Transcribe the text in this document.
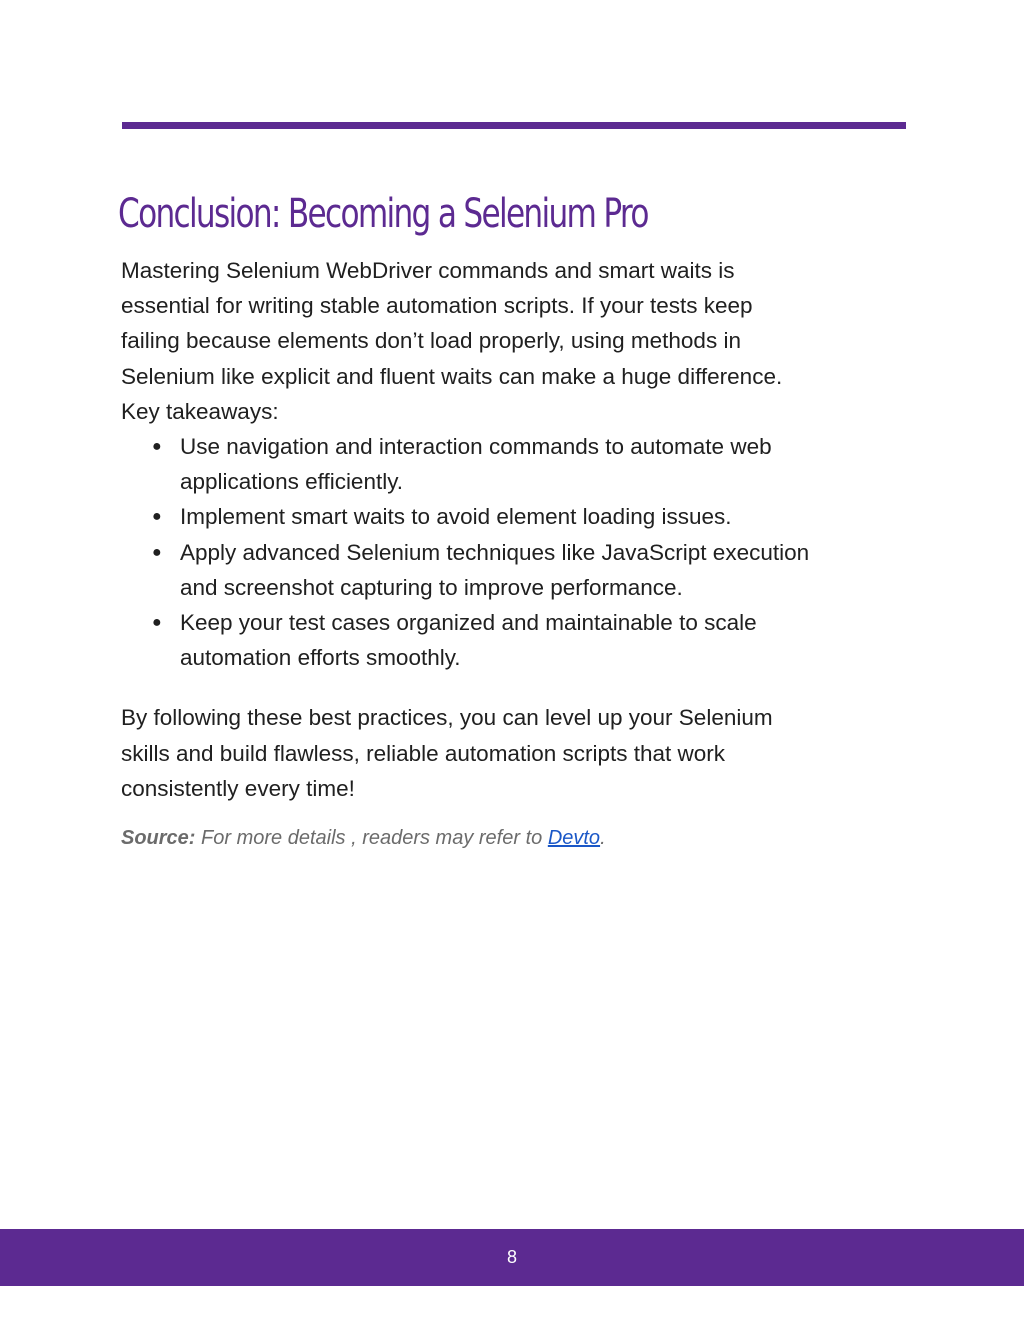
Conclusion: Becoming a Selenium Pro

Mastering Selenium WebDriver commands and smart waits is
essential for writing stable automation scripts. If your tests keep
failing because elements don’t load properly, using methods in
Selenium like explicit and fluent waits can make a huge difference.
Key takeaways:

● Use navigation and interaction commands to automate web
applications efficiently.
● Implement smart waits to avoid element loading issues.
● Apply advanced Selenium techniques like JavaScript execution
and screenshot capturing to improve performance.
● Keep your test cases organized and maintainable to scale
automation efforts smoothly.

By following these best practices, you can level up your Selenium
skills and build flawless, reliable automation scripts that work
consistently every time!

Source: For more details , readers may refer to Devto.
8
